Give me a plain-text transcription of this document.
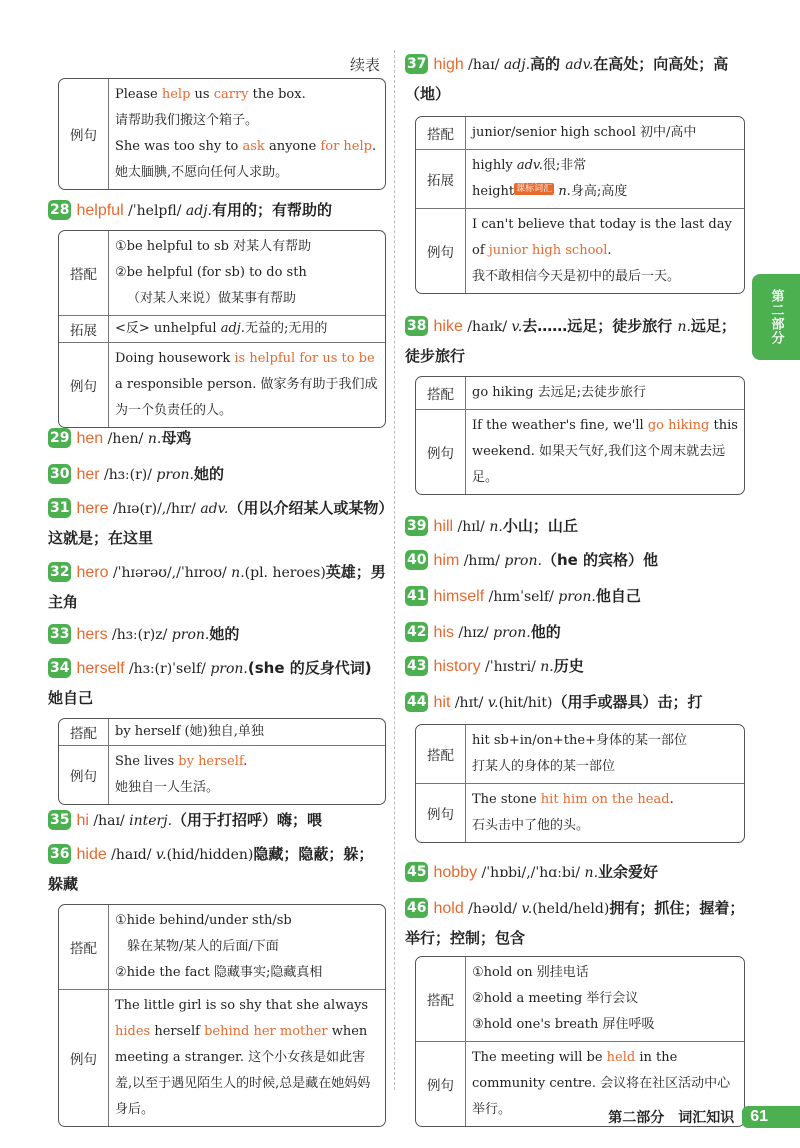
续表
例句
Please help us carry the box.
请帮助我们搬这个箱子。
She was too shy to ask anyone for help.
她太腼腆,不愿向任何人求助。
28 helpful /ˈhelpfl/ adj.有用的；有帮助的
搭配
①be helpful to sb 对某人有帮助
②be helpful (for sb) to do sth
（对某人来说）做某事有帮助
拓展	<反> unhelpful adj.无益的;无用的
例句
Doing housework is helpful for us to be a responsible person. 做家务有助于我们成为一个负责任的人。
29 hen /hen/ n.母鸡
30 her /hɜː(r)/ pron.她的
31 here /hɪə(r)/,/hɪr/ adv.（用以介绍某人或某物）这就是；在这里
32 hero /ˈhɪərəʊ/,/ˈhɪroʊ/ n.(pl. heroes)英雄；男主角
33 hers /hɜː(r)z/ pron.她的
34 herself /hɜː(r)ˈself/ pron.(she 的反身代词)她自己
搭配	by herself (她)独自,单独
例句
She lives by herself.
她独自一人生活。
35 hi /haɪ/ interj.（用于打招呼）嗨；喂
36 hide /haɪd/ v.(hid/hidden)隐藏；隐蔽；躲；躲藏
搭配
①hide behind/under sth/sb
躲在某物/某人的后面/下面
②hide the fact 隐藏事实;隐藏真相
例句
The little girl is so shy that she always hides herself behind her mother when meeting a stranger. 这个小女孩是如此害羞,以至于遇见陌生人的时候,总是藏在她妈妈身后。
37 high /haɪ/ adj.高的 adv.在高处；向高处；高（地）
搭配	junior/senior high school 初中/高中
拓展
highly adv.很;非常
height 课标词汇 n.身高;高度
例句
I can't believe that today is the last day of junior high school.
我不敢相信今天是初中的最后一天。
38 hike /haɪk/ v.去……远足；徒步旅行 n.远足；徒步旅行
搭配	go hiking 去远足;去徒步旅行
例句
If the weather's fine, we'll go hiking this weekend. 如果天气好,我们这个周末就去远足。
39 hill /hɪl/ n.小山；山丘
40 him /hɪm/ pron.（he 的宾格）他
41 himself /hɪmˈself/ pron.他自己
42 his /hɪz/ pron.他的
43 history /ˈhɪstri/ n.历史
44 hit /hɪt/ v.(hit/hit)（用手或器具）击；打
搭配
hit sb+in/on+the+身体的某一部位
打某人的身体的某一部位
例句
The stone hit him on the head.
石头击中了他的头。
45 hobby /ˈhɒbi/,/ˈhɑːbi/ n.业余爱好
46 hold /həʊld/ v.(held/held)拥有；抓住；握着；举行；控制；包含
搭配
①hold on 别挂电话
②hold a meeting 举行会议
③hold one's breath 屏住呼吸
例句
The meeting will be held in the community centre. 会议将在社区活动中心举行。
第二部分
第二部分　词汇知识	61
